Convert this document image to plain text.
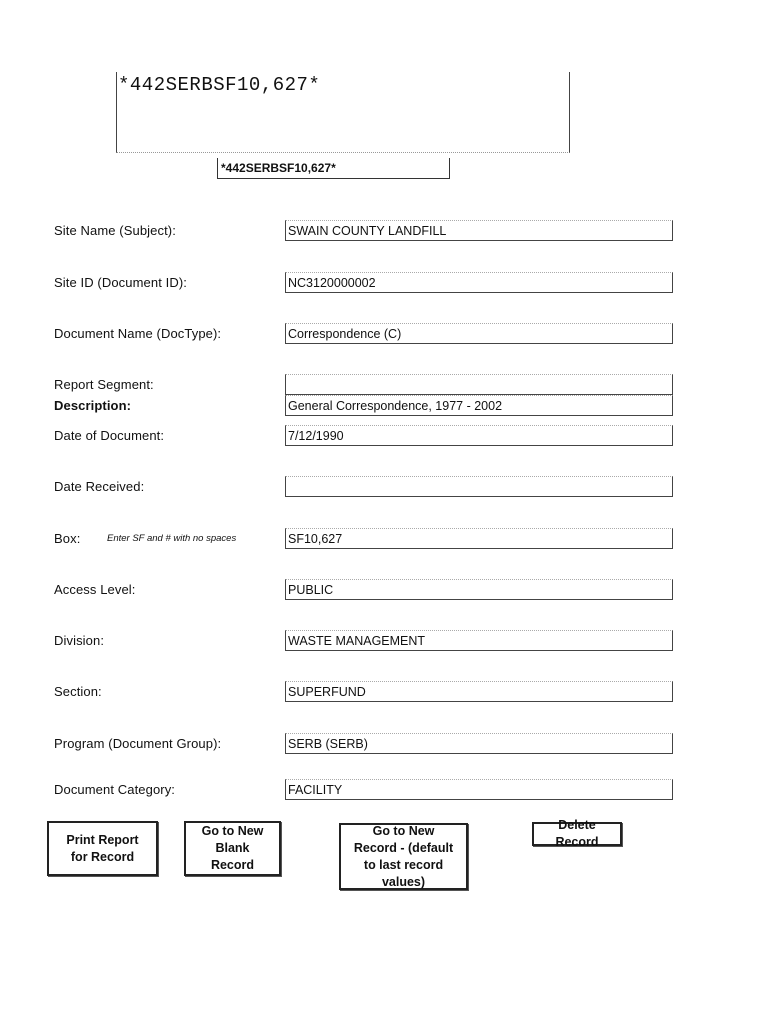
*442SERBSF10,627*
*442SERBSF10,627*
Site Name (Subject):	SWAIN COUNTY LANDFILL
Site ID (Document ID):	NC3120000002
Document Name (DocType):	Correspondence (C)
Report Segment:
Description:	General Correspondence, 1977 - 2002
Date of Document:	7/12/1990
Date Received:
Box:	Enter SF and # with no spaces	SF10,627
Access Level:	PUBLIC
Division:	WASTE MANAGEMENT
Section:	SUPERFUND
Program (Document Group):	SERB (SERB)
Document Category:	FACILITY
Print Report for Record
Go to New Blank Record
Go to New Record - (default to last record values)
Delete Record
